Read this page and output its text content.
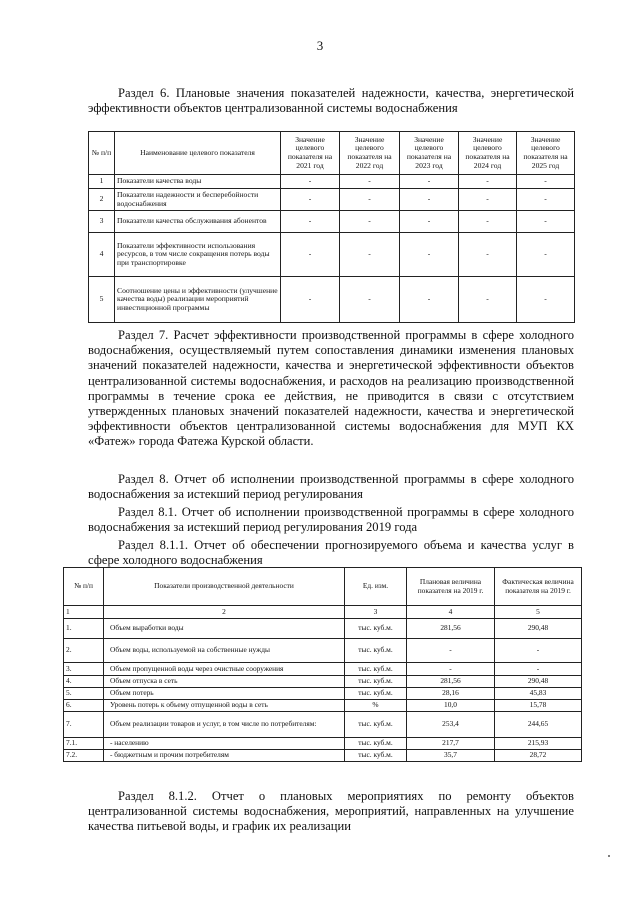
3
Раздел 6. Плановые значения показателей надежности, качества, энергетической эффективности объектов централизованной системы водоснабжения
№ п/п	Наименование целевого показателя	Значение целевого показателя на 2021 год	Значение целевого показателя на 2022 год	Значение целевого показателя на 2023 год	Значение целевого показателя на 2024 год	Значение целевого показателя на 2025 год
1	Показатели качества воды	-	-	-	-	-
2	Показатели надежности и бесперебойности водоснабжения	-	-	-	-	-
3	Показатели качества обслуживания абонентов	-	-	-	-	-
4	Показатели эффективности использования ресурсов, в том числе сокращения потерь воды при транспортировке	-	-	-	-	-
5	Соотношение цены и эффективности (улучшение качества воды) реализации мероприятий инвестиционной программы	-	-	-	-	-
Раздел 7. Расчет эффективности производственной программы в сфере холодного водоснабжения, осуществляемый путем сопоставления динамики изменения плановых значений показателей надежности, качества и энергетической эффективности объектов централизованной системы водоснабжения, и расходов на реализацию производственной программы в течение срока ее действия, не приводится в связи с отсутствием утвержденных плановых значений показателей надежности, качества и энергетической эффективности объектов централизованной системы водоснабжения для МУП КХ «Фатеж» города Фатежа Курской области.
Раздел 8. Отчет об исполнении производственной программы в сфере холодного водоснабжения за истекший период регулирования
Раздел 8.1. Отчет об исполнении производственной программы в сфере холодного водоснабжения за истекший период регулирования 2019 года
Раздел 8.1.1. Отчет об обеспечении прогнозируемого объема и качества услуг в сфере холодного водоснабжения
№ п/п	Показатели производственной деятельности	Ед. изм.	Плановая величина показателя на 2019 г.	Фактическая величина показателя на 2019 г.
1	2	3	4	5
1.	Объем выработки воды	тыс. куб.м.	281,56	290,48
2.	Объем воды, используемой на собственные нужды	тыс. куб.м.	-	-
3.	Объем пропущенной воды через очистные сооружения	тыс. куб.м.	-	-
4.	Объем отпуска в сеть	тыс. куб.м.	281,56	290,48
5.	Объем потерь	тыс. куб.м.	28,16	45,83
6.	Уровень потерь к объему отпущенной воды в сеть	%	10,0	15,78
7.	Объем реализации товаров и услуг, в том числе по потребителям:	тыс. куб.м.	253,4	244,65
7.1.	- населению	тыс. куб.м.	217,7	215,93
7.2.	- бюджетным и прочим потребителям	тыс. куб.м.	35,7	28,72
Раздел 8.1.2. Отчет о плановых мероприятиях по ремонту объектов централизованной системы водоснабжения, мероприятий, направленных на улучшение качества питьевой воды, и график их реализации
